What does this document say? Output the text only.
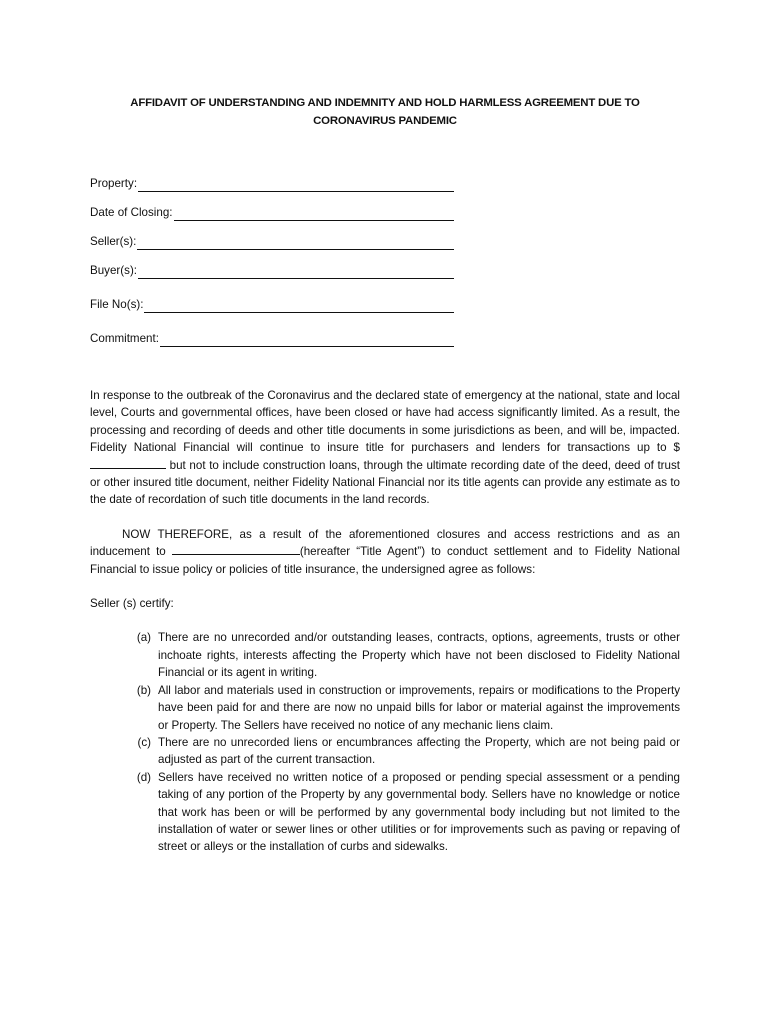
AFFIDAVIT OF UNDERSTANDING AND INDEMNITY AND HOLD HARMLESS AGREEMENT DUE TO
CORONAVIRUS PANDEMIC
Property:
Date of Closing:
Seller(s):
Buyer(s):
File No(s):
Commitment:

In response to the outbreak of the Coronavirus and the declared state of emergency at the national, state and local level, Courts and governmental offices, have been closed or have had access significantly limited. As a result, the processing and recording of deeds and other title documents in some jurisdictions as been, and will be, impacted. Fidelity National Financial will continue to insure title for purchasers and lenders for transactions up to $ but not to include construction loans, through the ultimate recording date of the deed, deed of trust or other insured title document, neither Fidelity National Financial nor its title agents can provide any estimate as to the date of recordation of such title documents in the land records.

NOW THEREFORE, as a result of the aforementioned closures and access restrictions and as an inducement to	(hereafter “Title Agent”) to conduct settlement and to Fidelity National Financial to issue policy or policies of title insurance, the undersigned agree as follows:

Seller (s) certify:

(a) There are no unrecorded and/or outstanding leases, contracts, options, agreements, trusts or other inchoate rights, interests affecting the Property which have not been disclosed to Fidelity National Financial or its agent in writing.
(b) All labor and materials used in construction or improvements, repairs or modifications to the Property have been paid for and there are now no unpaid bills for labor or material against the improvements or Property. The Sellers have received no notice of any mechanic liens claim.
(c) There are no unrecorded liens or encumbrances affecting the Property, which are not being paid or adjusted as part of the current transaction.
(d) Sellers have received no written notice of a proposed or pending special assessment or a pending taking of any portion of the Property by any governmental body. Sellers have no knowledge or notice that work has been or will be performed by any governmental body including but not limited to the installation of water or sewer lines or other utilities or for improvements such as paving or repaving of street or alleys or the installation of curbs and sidewalks.
